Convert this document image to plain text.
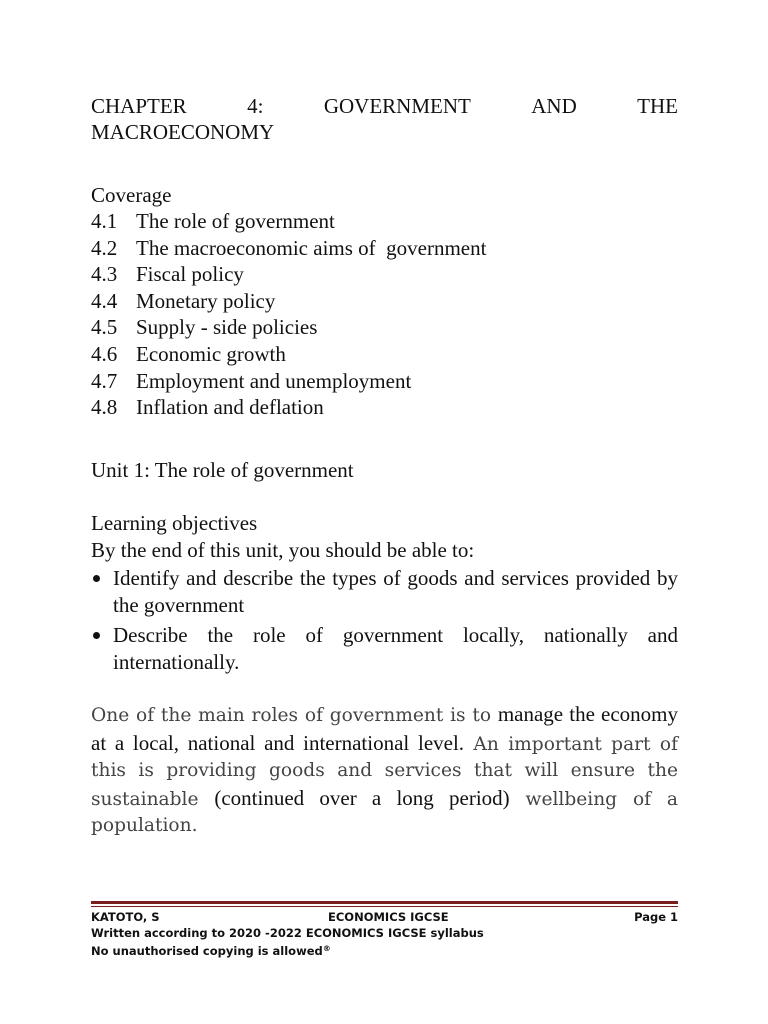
CHAPTER	4:	GOVERNMENT	AND	THE
MACROECONOMY

Coverage

4.1 The role of government
4.2 The macroeconomic aims of  government
4.3 Fiscal policy
4.4 Monetary policy
4.5 Supply - side policies
4.6 Economic growth
4.7 Employment and unemployment
4.8 Inflation and deflation

Unit 1: The role of government

Learning objectives

By the end of this unit, you should be able to:

Identify and describe the types of goods and services provided by the government
Describe the role of government locally, nationally and internationally.

One of the main roles of government is to manage the economy at a local, national and international level. An important part of this is providing goods and services that will ensure the sustainable (continued over a long period) wellbeing of a population.

KATOTO, S	ECONOMICS IGCSE	Page 1
Written according to 2020 -2022 ECONOMICS IGCSE syllabus
No unauthorised copying is allowed®
